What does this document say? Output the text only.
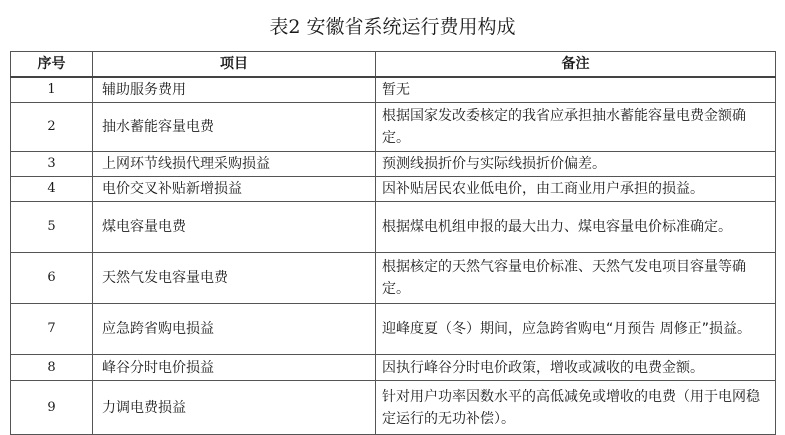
表2 安徽省系统运行费用构成
序号	项目	备注
1	辅助服务费用	暂无
2	抽水蓄能容量电费	根据国家发改委核定的我省应承担抽水蓄能容量电费金额确定。
3	上网环节线损代理采购损益	预测线损折价与实际线损折价偏差。
4	电价交叉补贴新增损益	因补贴居民农业低电价，由工商业用户承担的损益。
5	煤电容量电费	根据煤电机组申报的最大出力、煤电容量电价标准确定。
6	天然气发电容量电费	根据核定的天然气容量电价标准、天然气发电项目容量等确定。
7	应急跨省购电损益	迎峰度夏（冬）期间，应急跨省购电“月预告 周修正”损益。
8	峰谷分时电价损益	因执行峰谷分时电价政策，增收或减收的电费金额。
9	力调电费损益	针对用户功率因数水平的高低减免或增收的电费（用于电网稳定运行的无功补偿）。
